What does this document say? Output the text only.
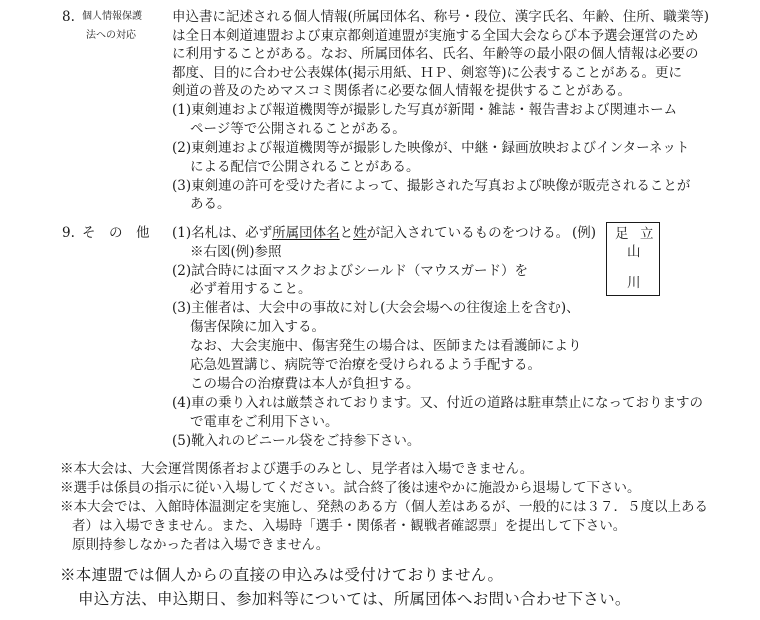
8. 個人情報保護
法への対応
申込書に記述される個人情報(所属団体名、称号・段位、漢字氏名、年齢、住所、職業等)
は全日本剣道連盟および東京都剣道連盟が実施する全国大会ならび本予選会運営のため
に利用することがある。なお、所属団体名、氏名、年齢等の最小限の個人情報は必要の
都度、目的に合わせ公表媒体(掲示用紙、ＨＰ、剣窓等)に公表することがある。更に
剣道の普及のためマスコミ関係者に必要な個人情報を提供することがある。
(1)東剣連および報道機関等が撮影した写真が新聞・雑誌・報告書および関連ホーム
ページ等で公開されることがある。
(2)東剣連および報道機関等が撮影した映像が、中継・録画放映およびインターネット
による配信で公開されることがある。
(3)東剣連の許可を受けた者によって、撮影された写真および映像が販売されることが
ある。
9. そ　の　他 (1)名札は、必ず所属団体名と姓が記入されているものをつける。
※右図(例)参照
(2)試合時には面マスクおよびシールド（マウスガード）を
必ず着用すること。
(3)主催者は、大会中の事故に対し(大会会場への往復途上を含む)、
傷害保険に加入する。
なお、大会実施中、傷害発生の場合は、医師または看護師により
応急処置講じ、病院等で治療を受けられるよう手配する。
この場合の治療費は本人が負担する。
(4)車の乗り入れは厳禁されております。又、付近の道路は駐車禁止になっておりますの
で電車をご利用下さい。
(5)靴入れのビニール袋をご持参下さい。
(例) 足 立
山
川
※本大会は、大会運営関係者および選手のみとし、見学者は入場できません。
※選手は係員の指示に従い入場してください。試合終了後は速やかに施設から退場して下さい。
※本大会では、入館時体温測定を実施し、発熱のある方（個人差はあるが、一般的には３７．５度以上ある
者）は入場できません。また、入場時「選手・関係者・観戦者確認票」を提出して下さい。
原則持参しなかった者は入場できません。
※本連盟では個人からの直接の申込みは受付けておりません。
申込方法、申込期日、参加料等については、所属団体へお問い合わせ下さい。
